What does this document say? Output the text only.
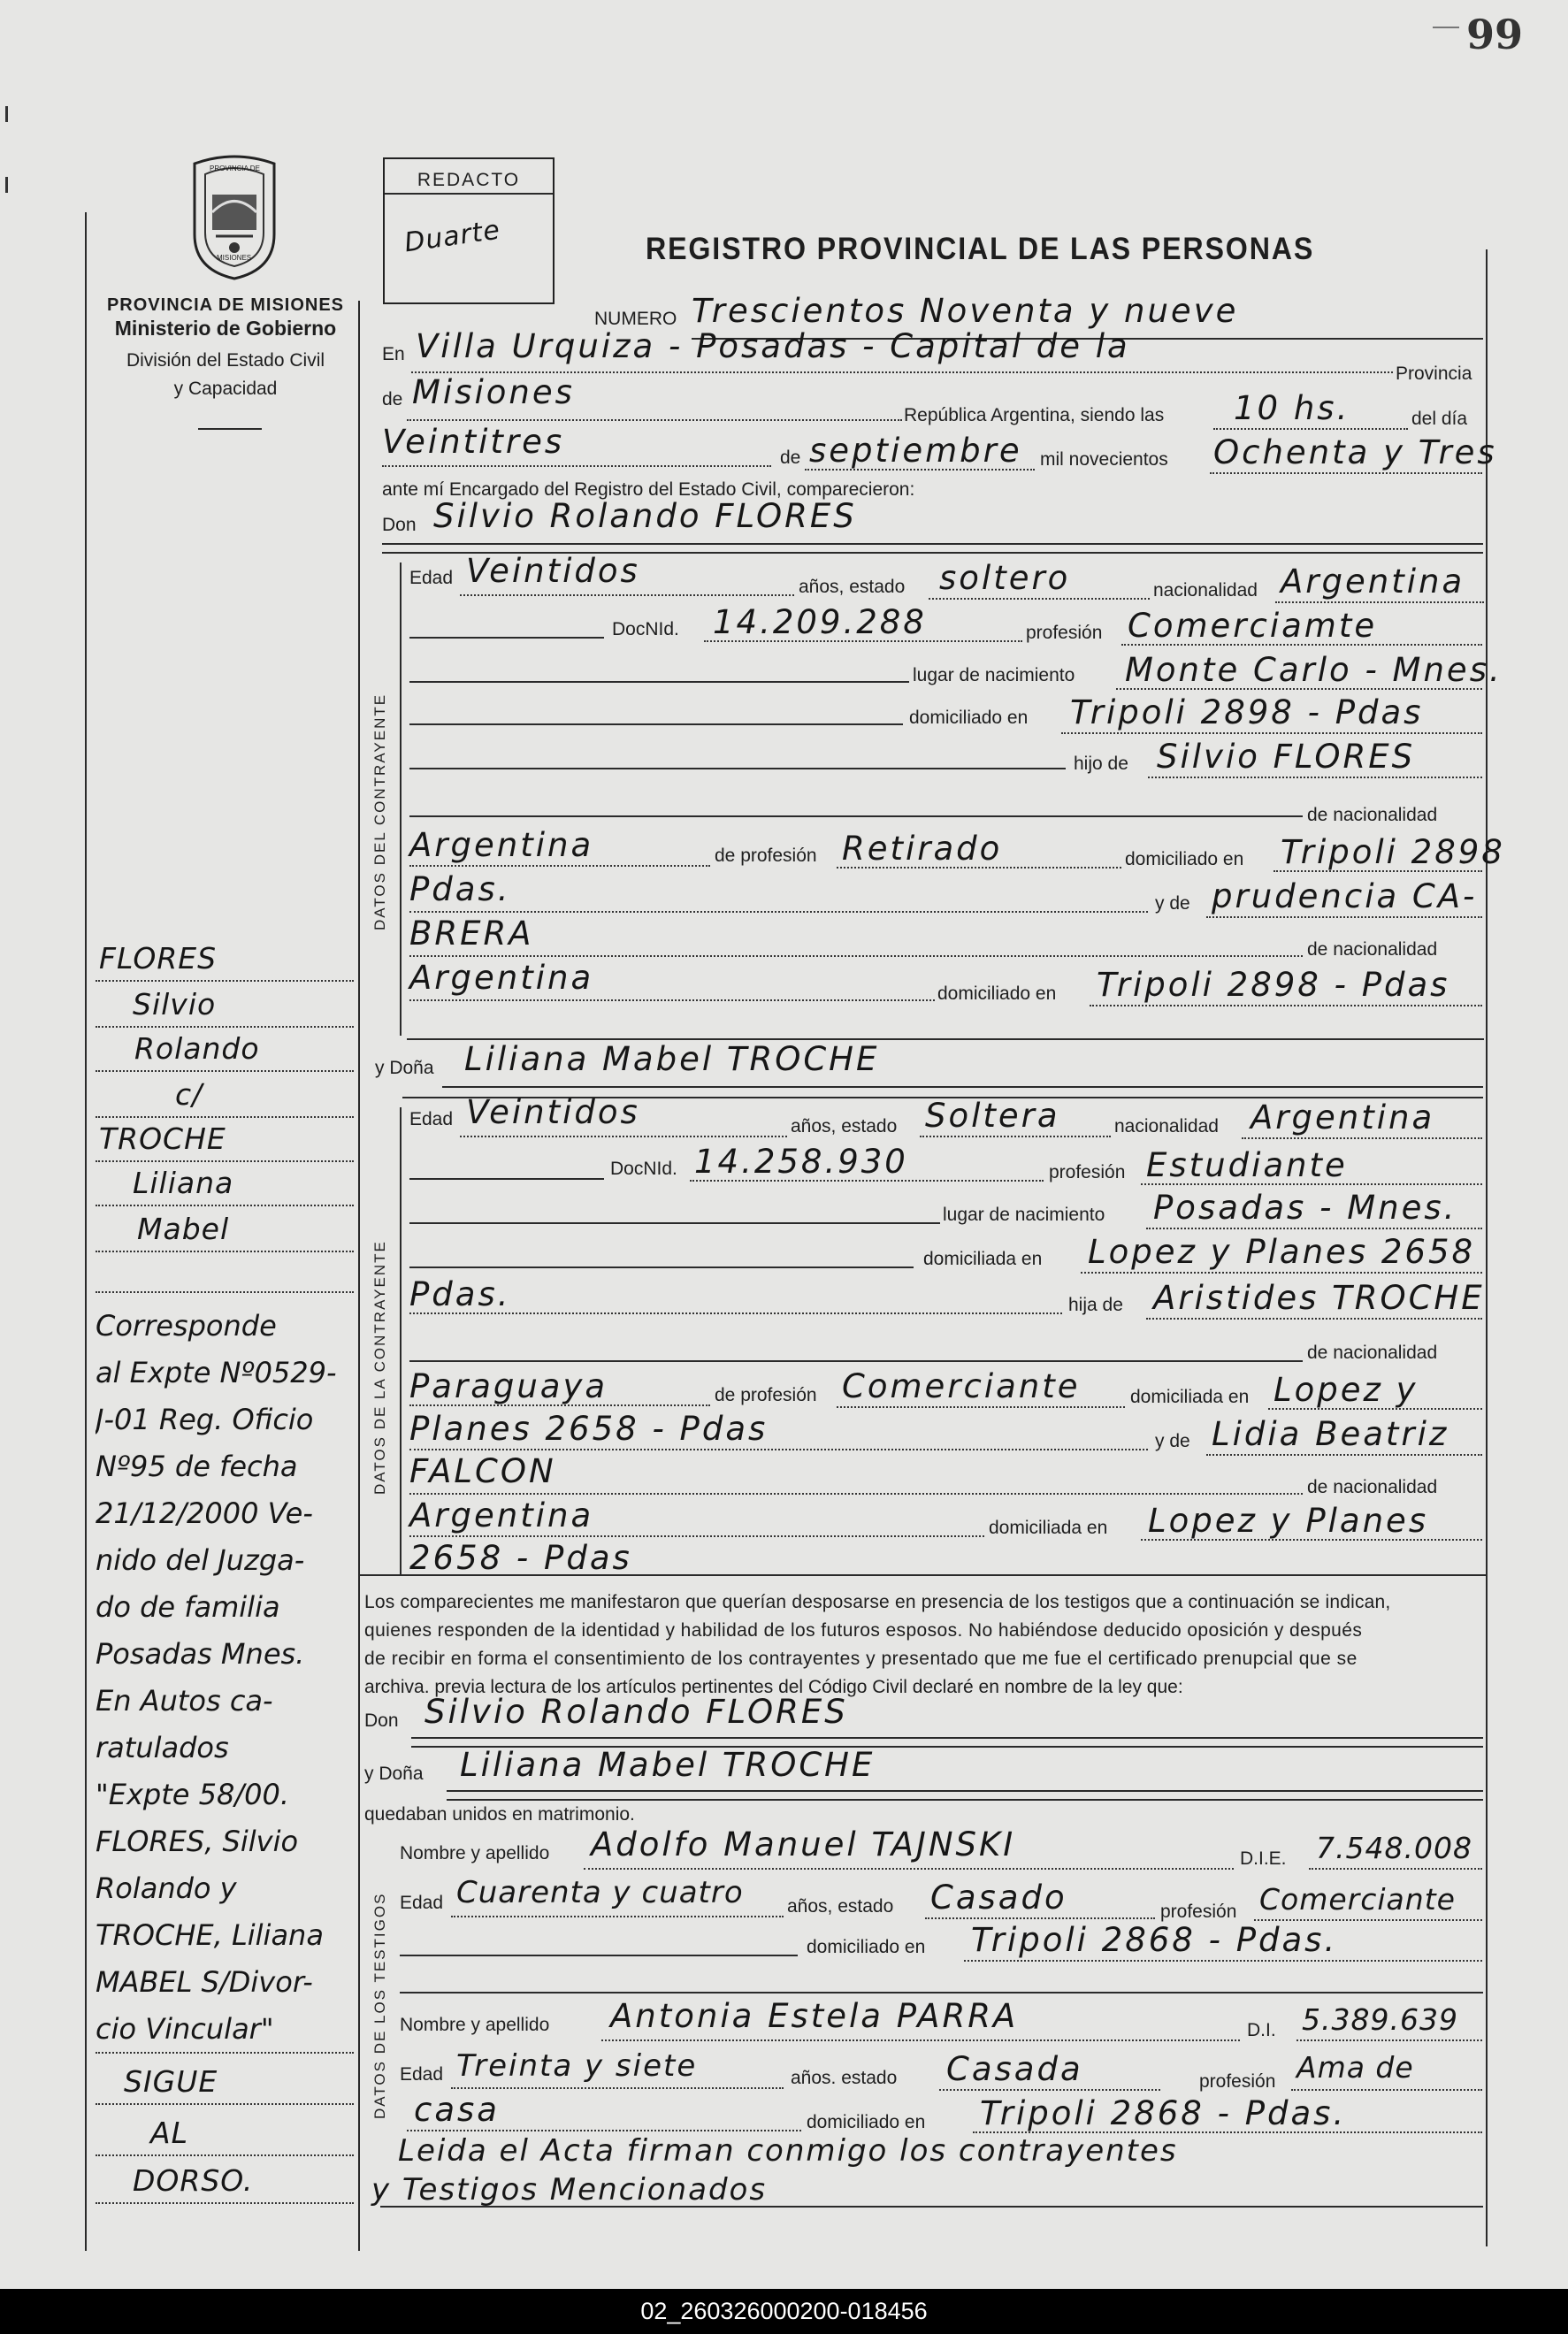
99
PROVINCIA DE
MISIONES
PROVINCIA DE MISIONES
Ministerio de Gobierno
División del Estado Civil
y Capacidad
REDACTO
Duarte	REGISTRO PROVINCIAL DE LAS PERSONAS
NUMERO Trescientos Noventa y nueve
En Villa Urquiza - Posadas - Capital de la
Provincia
de Misiones
República Argentina, siendo las 10 hs.	del día
Veintitres	de septiembre mil novecientos Ochenta y Tres
ante mí Encargado del Registro del Estado Civil, comparecieron:
Don Silvio Rolando FLORES
DATOS DEL CONTRAYENTE
Edad Veintidos	años, estado soltero	nacionalidad Argentina
DocNId. 14.209.288	profesión Comerciamte
lugar de nacimiento Monte Carlo - Mnes.
domiciliado en Tripoli 2898 - Pdas
hijo de Silvio FLORES
de nacionalidad
Argentina	de profesión Retirado	domiciliado en Tripoli 2898
Pdas.	y de prudencia CA-
BRERA	de nacionalidad
Argentina	domiciliado en Tripoli 2898 - Pdas
y Doña Liliana Mabel TROCHE
DATOS DE LA CONTRAYENTE
Edad Veintidos	años, estado Soltera	nacionalidad Argentina
DocNId. 14.258.930	profesión Estudiante
lugar de nacimiento Posadas - Mnes.
domiciliada en Lopez y Planes 2658
Pdas.	hija de Aristides TROCHE
de nacionalidad
Paraguaya	de profesión Comerciante	domiciliada en Lopez y
Planes 2658 - Pdas	y de Lidia Beatriz
FALCON	de nacionalidad
Argentina	domiciliada en Lopez y Planes
2658 - Pdas
Los comparecientes me manifestaron que querían desposarse en presencia de los testigos que a continuación se indican,
quienes responden de la identidad y habilidad de los futuros esposos. No habiéndose deducido oposición y después
de recibir en forma el consentimiento de los contrayentes y presentado que me fue el certificado prenupcial que se
archiva. previa lectura de los artículos pertinentes del Código Civil declaré en nombre de la ley que:
Don Silvio Rolando FLORES
y Doña Liliana Mabel TROCHE
quedaban unidos en matrimonio.
DATOS DE LOS TESTIGOS
Nombre y apellido Adolfo Manuel TAJNSKI	D.I.E. 7.548.008
Edad Cuarenta y cuatro años, estado Casado	profesión Comerciante
domiciliado en Tripoli 2868 - Pdas.
Nombre y apellido Antonia Estela PARRA	D.I. 5.389.639
Edad Treinta y siete	años. estado Casada	profesión Ama de
casa	domiciliado en Tripoli 2868 - Pdas.
Leida el Acta firman conmigo los contrayentes
y Testigos Mencionados
FLORES
Silvio
Rolando
c/
TROCHE
Liliana
Mabel
Corresponde
al Expte Nº0529-
J-01 Reg. Oficio
Nº95 de fecha
21/12/2000 Ve-
nido del Juzga-
do de familia
Posadas Mnes.
En Autos ca-
ratulados
"Expte 58/00.
FLORES, Silvio
Rolando y
TROCHE, Liliana
MABEL S/Divor-
cio Vincular"
SIGUE
AL
DORSO.
02_260326000200-018456
